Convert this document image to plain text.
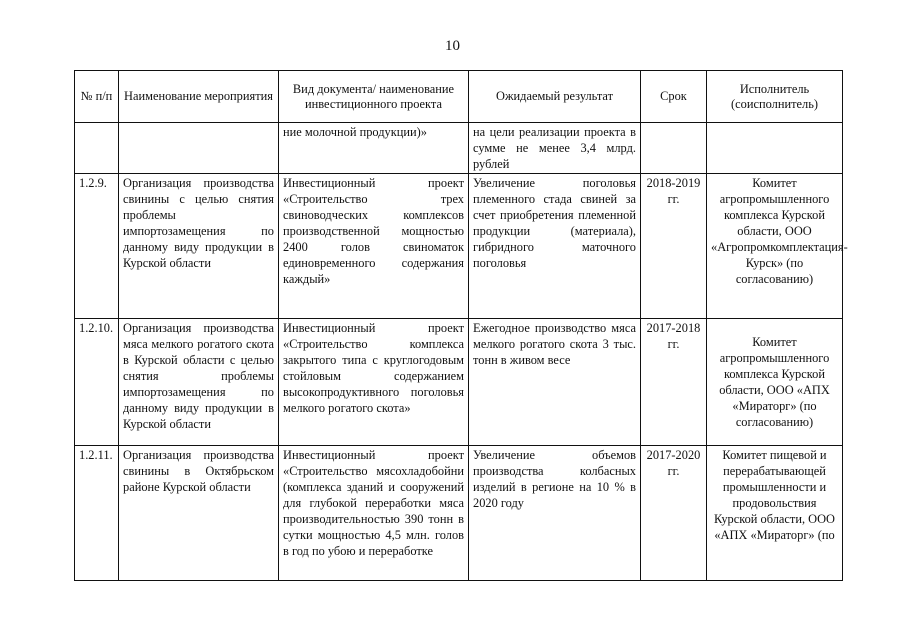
10
№ п/п	Наименование мероприятия	Вид документа/ наименование инвестиционного проекта	Ожидаемый результат	Срок	Исполнитель (соисполнитель)
		ние молочной продукции)»	на цели реализации проекта в сумме не менее 3,4 млрд. рублей		
1.2.9.	Организация производства свинины с целью снятия проблемы импортозамещения по данному виду продукции в Курской области	Инвестиционный проект «Строительство трех свиноводческих комплексов производственной мощностью 2400 голов свиноматок единовременного содержания каждый»	Увеличение поголовья племенного стада свиней за счет приобретения племенной продукции (материала), гибридного маточного поголовья	2018-2019 гг.	Комитет агропромышленного комплекса Курской области, ООО «Агропромкомплектация-Курск» (по согласованию)
1.2.10.	Организация производства мяса мелкого рогатого скота в Курской области с целью снятия проблемы импортозамещения по данному виду продукции в Курской области	Инвестиционный проект «Строительство комплекса закрытого типа с круглогодовым стойловым содержанием высокопродуктивного поголовья мелкого рогатого скота»	Ежегодное производство мяса мелкого рогатого скота 3 тыс. тонн в живом весе	2017-2018 гг.	Комитет агропромышленного комплекса Курской области, ООО «АПХ «Мираторг» (по согласованию)
1.2.11.	Организация производства свинины в Октябрьском районе Курской области	Инвестиционный проект «Строительство мясохладобойни (комплекса зданий и сооружений для глубокой переработки мяса производительностью 390 тонн в сутки мощностью 4,5 млн. голов в год по убою и переработке	Увеличение объемов производства колбасных изделий в регионе на 10 % в 2020 году	2017-2020 гг.	Комитет пищевой и перерабатывающей промышленности и продовольствия Курской области, ООО «АПХ «Мираторг» (по
